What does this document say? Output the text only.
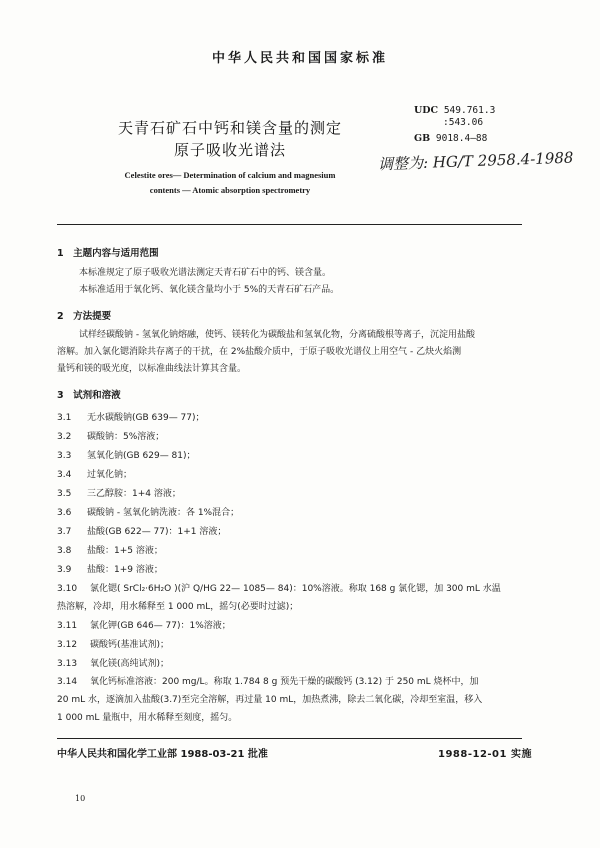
中华人民共和国国家标准
天青石矿石中钙和镁含量的测定
原子吸收光谱法
UDC 549.761.3
:543.06
GB 9018.4—88
调整为: HG/T 2958.4-1988
Celestite ores— Determination of calcium and magnesium
contents — Atomic absorption spectrometry
1　主题内容与适用范围
本标准规定了原子吸收光谱法测定天青石矿石中的钙、镁含量。
本标准适用于氧化钙、氧化镁含量均小于 5%的天青石矿石产品。
2　方法提要
试样经碳酸钠 - 氢氧化钠熔融，使钙、镁转化为碳酸盐和氢氧化物，分离硫酸根等离子，沉淀用盐酸
溶解。加入氯化锶消除共存离子的干扰，在 2%盐酸介质中，于原子吸收光谱仪上用空气 - 乙炔火焰测
量钙和镁的吸光度，以标准曲线法计算其含量。
3　试剂和溶液
3.1 无水碳酸钠(GB 639— 77)；
3.2 碳酸钠：5%溶液；
3.3 氢氧化钠(GB 629— 81)；
3.4 过氧化钠；
3.5 三乙醇胺：1+4 溶液；
3.6 碳酸钠 - 氢氧化钠洗液：各 1%混合；
3.7 盐酸(GB 622— 77)：1+1 溶液；
3.8 盐酸：1+5 溶液；
3.9 盐酸：1+9 溶液；
3.10 氯化锶( SrCl₂·6H₂O )(沪 Q/HG 22— 1085— 84)：10%溶液。称取 168 g 氯化锶，加 300 mL 水温
热溶解，冷却，用水稀释至 1 000 mL，摇匀(必要时过滤)；
3.11 氯化钾(GB 646— 77)：1%溶液；
3.12 碳酸钙(基准试剂)；
3.13 氧化镁(高纯试剂)；
3.14 氧化钙标准溶液：200 mg/L。称取 1.784 8 g 预先干燥的碳酸钙 (3.12) 于 250 mL 烧杯中，加
20 mL 水，逐滴加入盐酸(3.7)至完全溶解，再过量 10 mL，加热煮沸，除去二氧化碳，冷却至室温，移入
1 000 mL 量瓶中，用水稀释至刻度，摇匀。
中华人民共和国化学工业部 1988-03-21 批准	1988-12-01 实施
10
